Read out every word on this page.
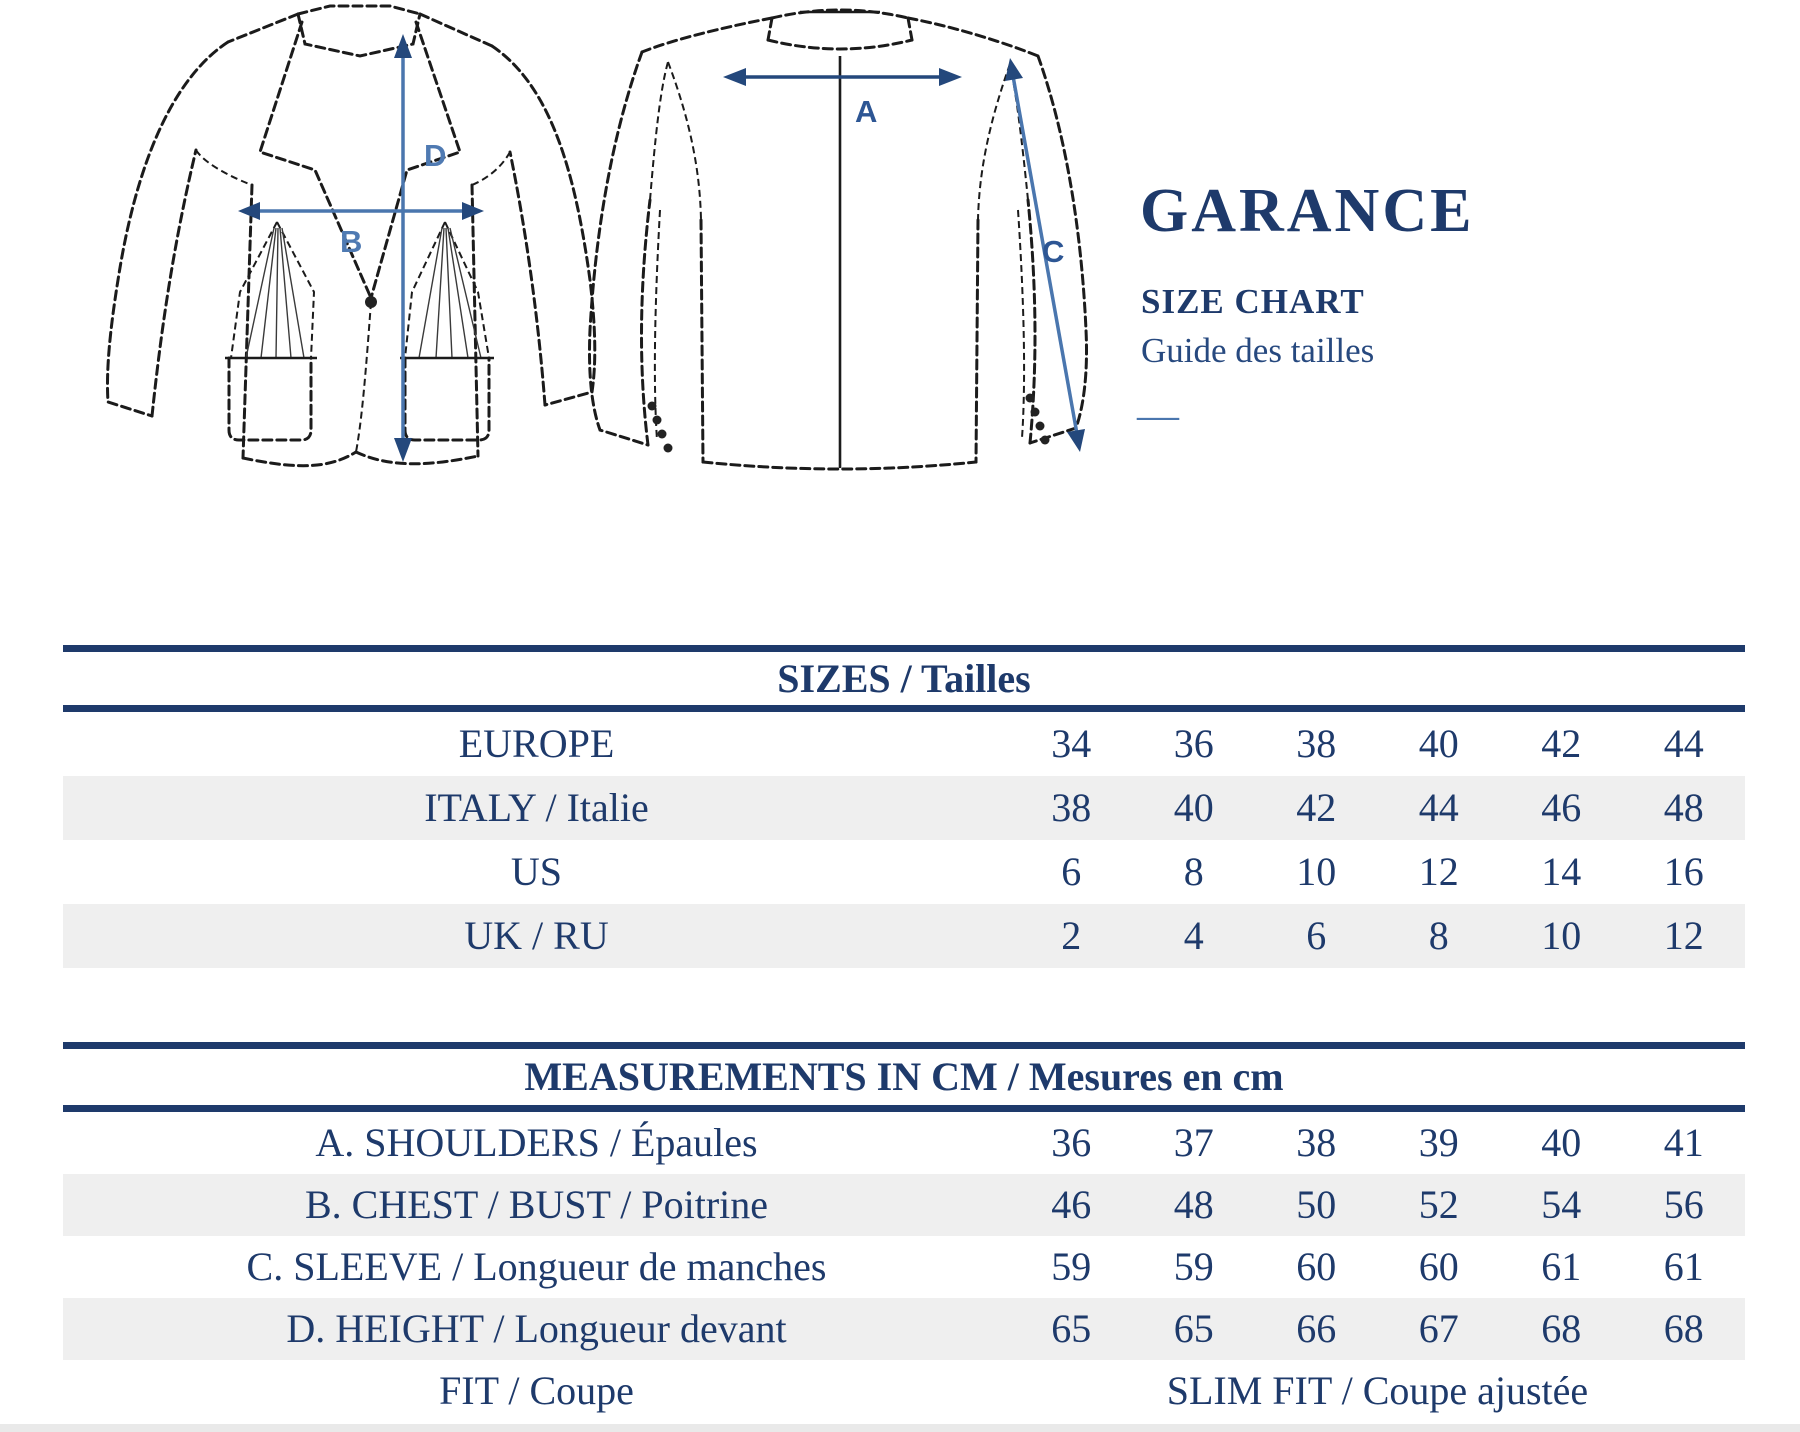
D
B
A
C
GARANCE
SIZE CHART
Guide des tailles
—
SIZES / Tailles
EUROPE	34	36	38	40	42	44
ITALY / Italie	38	40	42	44	46	48
US	6	8	10	12	14	16
UK / RU	2	4	6	8	10	12
MEASUREMENTS IN CM / Mesures en cm
A. SHOULDERS / Épaules	36	37	38	39	40	41
B. CHEST / BUST / Poitrine	46	48	50	52	54	56
C. SLEEVE / Longueur de manches	59	59	60	60	61	61
D. HEIGHT / Longueur devant	65	65	66	67	68	68
FIT / Coupe	SLIM FIT / Coupe ajustée
